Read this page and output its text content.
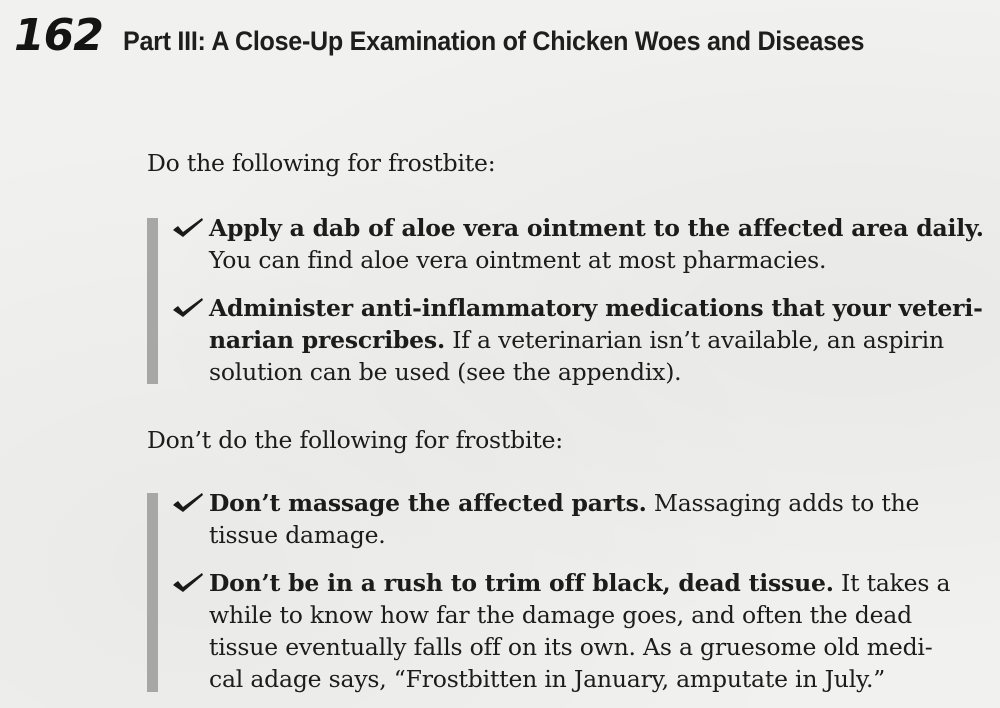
162 Part III: A Close-Up Examination of Chicken Woes and Diseases
Do the following for frostbite:
Apply a dab of aloe vera ointment to the affected area daily.
You can find aloe vera ointment at most pharmacies.
Administer anti-inflammatory medications that your veteri-
narian prescribes. If a veterinarian isn’t available, an aspirin
solution can be used (see the appendix).
Don’t do the following for frostbite:
Don’t massage the affected parts. Massaging adds to the
tissue damage.
Don’t be in a rush to trim off black, dead tissue. It takes a
while to know how far the damage goes, and often the dead
tissue eventually falls off on its own. As a gruesome old medi-
cal adage says, “Frostbitten in January, amputate in July.”
